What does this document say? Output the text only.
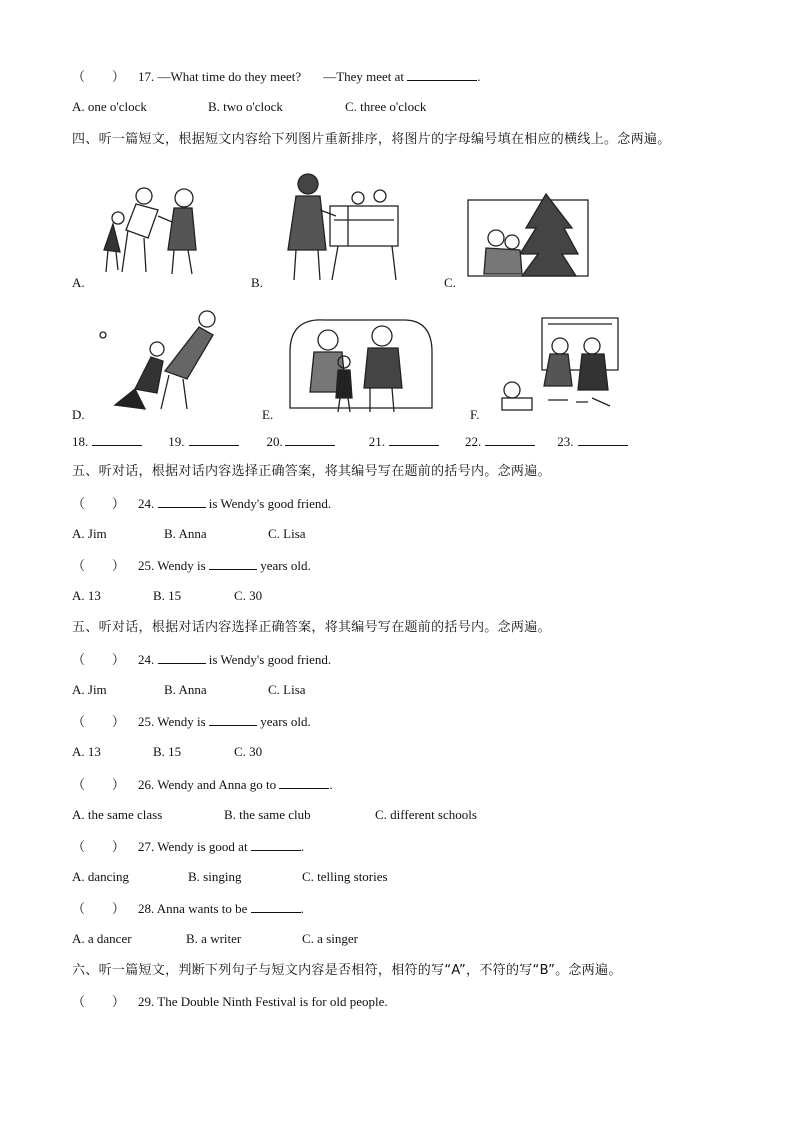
（　　） 17. —What time do they meet? —They meet at	.
A. one o'clock	B. two o'clock	C. three o'clock
四、听一篇短文，根据短文内容给下列图片重新排序，将图片的字母编号填在相应的横线上。念两遍。
A.	B.	C.
D.	E.	F.
18.	19.	20.	21.	22.	23.
五、听对话，根据对话内容选择正确答案，将其编号写在题前的括号内。念两遍。
（　　） 24.	is Wendy's good friend.
A. Jim	B. Anna	C. Lisa
（　　） 25. Wendy is	years old.
A. 13	B. 15	C. 30
五、听对话，根据对话内容选择正确答案，将其编号写在题前的括号内。念两遍。
（　　） 24.	is Wendy's good friend.
A. Jim	B. Anna	C. Lisa
（　　） 25. Wendy is	years old.
A. 13	B. 15	C. 30
（　　） 26. Wendy and Anna go to	.
A. the same class	B. the same club	C. different schools
（　　） 27. Wendy is good at	.
A. dancing	B. singing	C. telling stories
（　　） 28. Anna wants to be	.
A. a dancer	B. a writer	C. a singer
六、听一篇短文，判断下列句子与短文内容是否相符，相符的写“A”，不符的写“B”。念两遍。
（　　） 29. The Double Ninth Festival is for old people.
